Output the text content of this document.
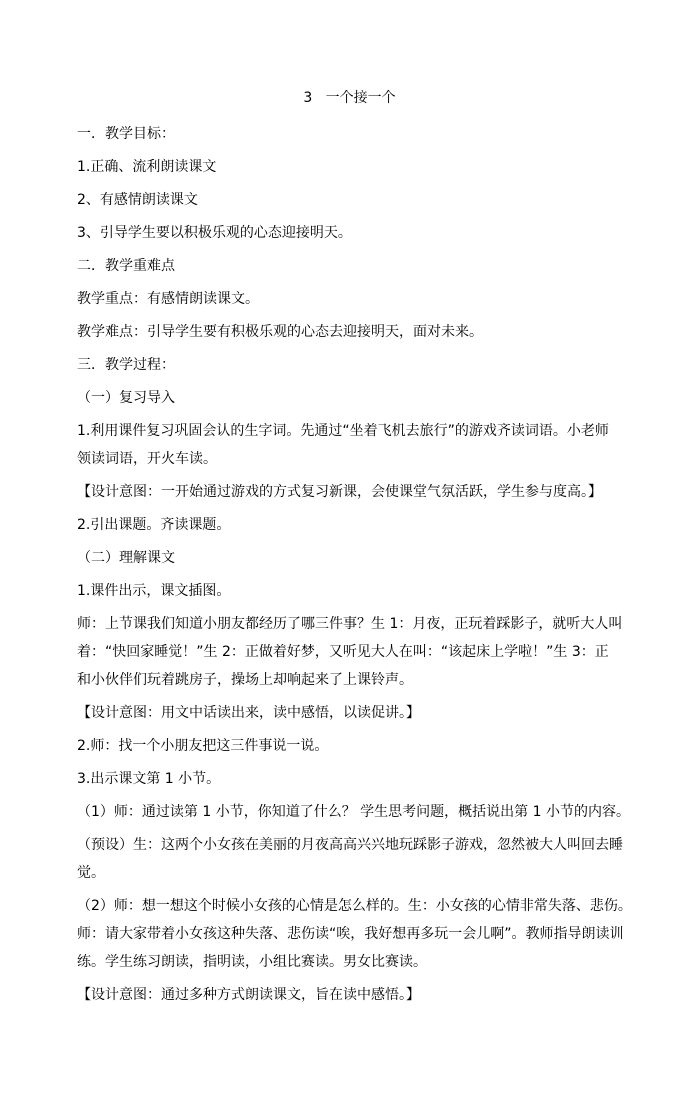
3   一个接一个
一．教学目标：
1.正确、流利朗读课文
2、有感情朗读课文
3、引导学生要以积极乐观的心态迎接明天。
二．教学重难点
教学重点：有感情朗读课文。
教学难点：引导学生要有积极乐观的心态去迎接明天，面对未来。
三．教学过程：
（一）复习导入
1.利用课件复习巩固会认的生字词。先通过“坐着飞机去旅行”的游戏齐读词语。小老师
领读词语，开火车读。
【设计意图：一开始通过游戏的方式复习新课，会使课堂气氛活跃，学生参与度高。】
2.引出课题。齐读课题。
（二）理解课文
1.课件出示，课文插图。
师：上节课我们知道小朋友都经历了哪三件事？生 1：月夜，正玩着踩影子，就听大人叫
着：“快回家睡觉！”生 2：正做着好梦，又听见大人在叫：“该起床上学啦！”生 3：正
和小伙伴们玩着跳房子，操场上却响起来了上课铃声。
【设计意图：用文中话读出来，读中感悟，以读促讲。】
2.师：找一个小朋友把这三件事说一说。
3.出示课文第 1 小节。
（1）师：通过读第 1 小节，你知道了什么？ 学生思考问题，概括说出第 1 小节的内容。
（预设）生：这两个小女孩在美丽的月夜高高兴兴地玩踩影子游戏，忽然被大人叫回去睡
觉。
（2）师：想一想这个时候小女孩的心情是怎么样的。生：小女孩的心情非常失落、悲伤。
师：请大家带着小女孩这种失落、悲伤读“唉，我好想再多玩一会儿啊”。教师指导朗读训
练。学生练习朗读，指明读，小组比赛读。男女比赛读。
【设计意图：通过多种方式朗读课文，旨在读中感悟。】
